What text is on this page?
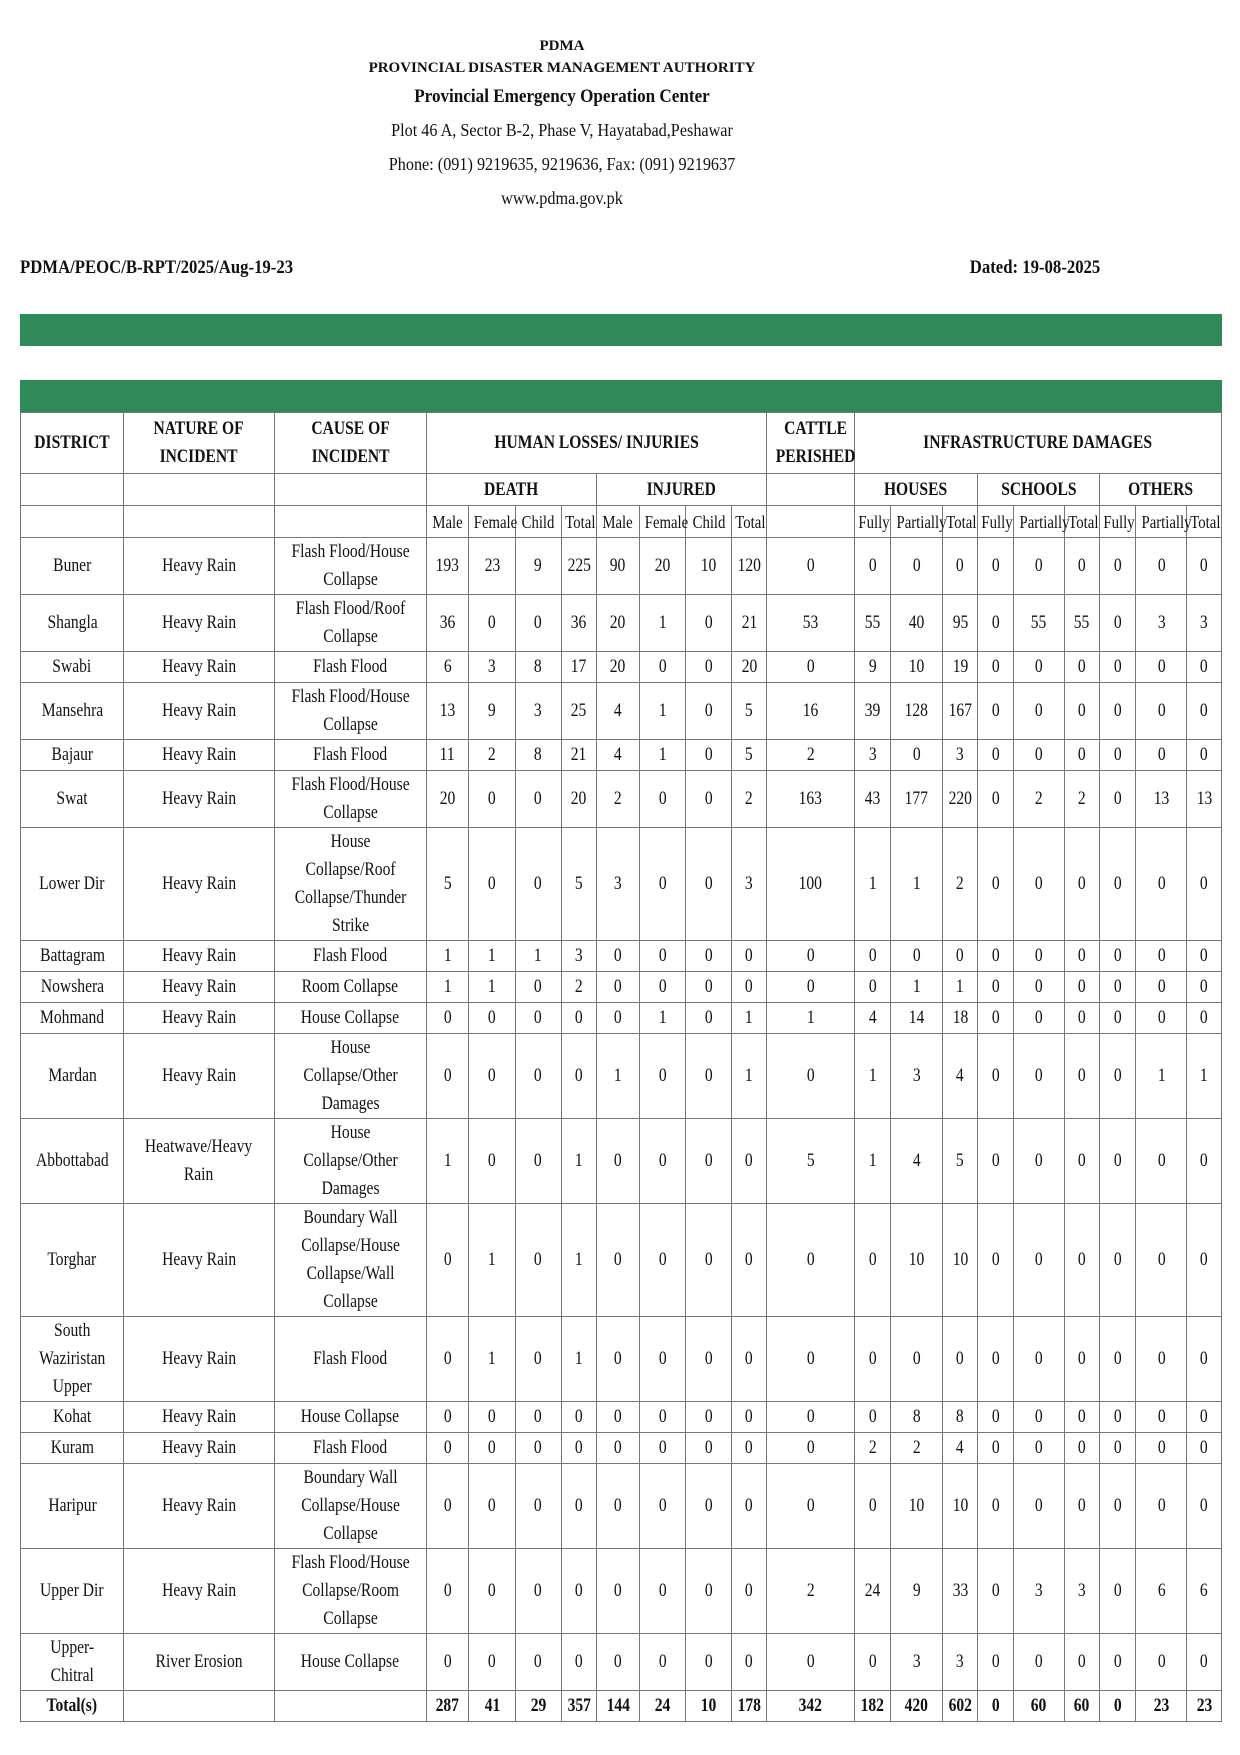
PDMA
PROVINCIAL DISASTER MANAGEMENT AUTHORITY
Provincial Emergency Operation Center
Plot 46 A, Sector B-2, Phase V, Hayatabad,Peshawar
Phone: (091) 9219635, 9219636, Fax: (091) 9219637
www.pdma.gov.pk
PDMA/PEOC/B-RPT/2025/Aug-19-23	Dated: 19-08-2025
DISTRICT	NATURE OF INCIDENT	CAUSE OF INCIDENT	HUMAN LOSSES/ INJURIES								CATTLE PERISHED	INFRASTRUCTURE DAMAGES								
			DEATH				INJURED					HOUSES			SCHOOLS			OTHERS		
			Male	Female	Child	Total	Male	Female	Child	Total		Fully	Partially	Total	Fully	Partially	Total	Fully	Partially	Total
Buner	Heavy Rain	Flash Flood/House Collapse	193	23	9	225	90	20	10	120	0	0	0	0	0	0	0	0	0	0
Shangla	Heavy Rain	Flash Flood/Roof Collapse	36	0	0	36	20	1	0	21	53	55	40	95	0	55	55	0	3	3
Swabi	Heavy Rain	Flash Flood	6	3	8	17	20	0	0	20	0	9	10	19	0	0	0	0	0	0
Mansehra	Heavy Rain	Flash Flood/House Collapse	13	9	3	25	4	1	0	5	16	39	128	167	0	0	0	0	0	0
Bajaur	Heavy Rain	Flash Flood	11	2	8	21	4	1	0	5	2	3	0	3	0	0	0	0	0	0
Swat	Heavy Rain	Flash Flood/House Collapse	20	0	0	20	2	0	0	2	163	43	177	220	0	2	2	0	13	13
Lower Dir	Heavy Rain	House Collapse/Roof Collapse/Thunder Strike	5	0	0	5	3	0	0	3	100	1	1	2	0	0	0	0	0	0
Battagram	Heavy Rain	Flash Flood	1	1	1	3	0	0	0	0	0	0	0	0	0	0	0	0	0	0
Nowshera	Heavy Rain	Room Collapse	1	1	0	2	0	0	0	0	0	0	1	1	0	0	0	0	0	0
Mohmand	Heavy Rain	House Collapse	0	0	0	0	0	1	0	1	1	4	14	18	0	0	0	0	0	0
Mardan	Heavy Rain	House Collapse/Other Damages	0	0	0	0	1	0	0	1	0	1	3	4	0	0	0	0	1	1
Abbottabad	Heatwave/Heavy Rain	House Collapse/Other Damages	1	0	0	1	0	0	0	0	5	1	4	5	0	0	0	0	0	0
Torghar	Heavy Rain	Boundary Wall Collapse/House Collapse/Wall Collapse	0	1	0	1	0	0	0	0	0	0	10	10	0	0	0	0	0	0
South Waziristan Upper	Heavy Rain	Flash Flood	0	1	0	1	0	0	0	0	0	0	0	0	0	0	0	0	0	0
Kohat	Heavy Rain	House Collapse	0	0	0	0	0	0	0	0	0	0	8	8	0	0	0	0	0	0
Kuram	Heavy Rain	Flash Flood	0	0	0	0	0	0	0	0	0	2	2	4	0	0	0	0	0	0
Haripur	Heavy Rain	Boundary Wall Collapse/House Collapse	0	0	0	0	0	0	0	0	0	0	10	10	0	0	0	0	0	0
Upper Dir	Heavy Rain	Flash Flood/House Collapse/Room Collapse	0	0	0	0	0	0	0	0	2	24	9	33	0	3	3	0	6	6
Upper-Chitral	River Erosion	House Collapse	0	0	0	0	0	0	0	0	0	0	3	3	0	0	0	0	0	0
Total(s)			287	41	29	357	144	24	10	178	342	182	420	602	0	60	60	0	23	23
